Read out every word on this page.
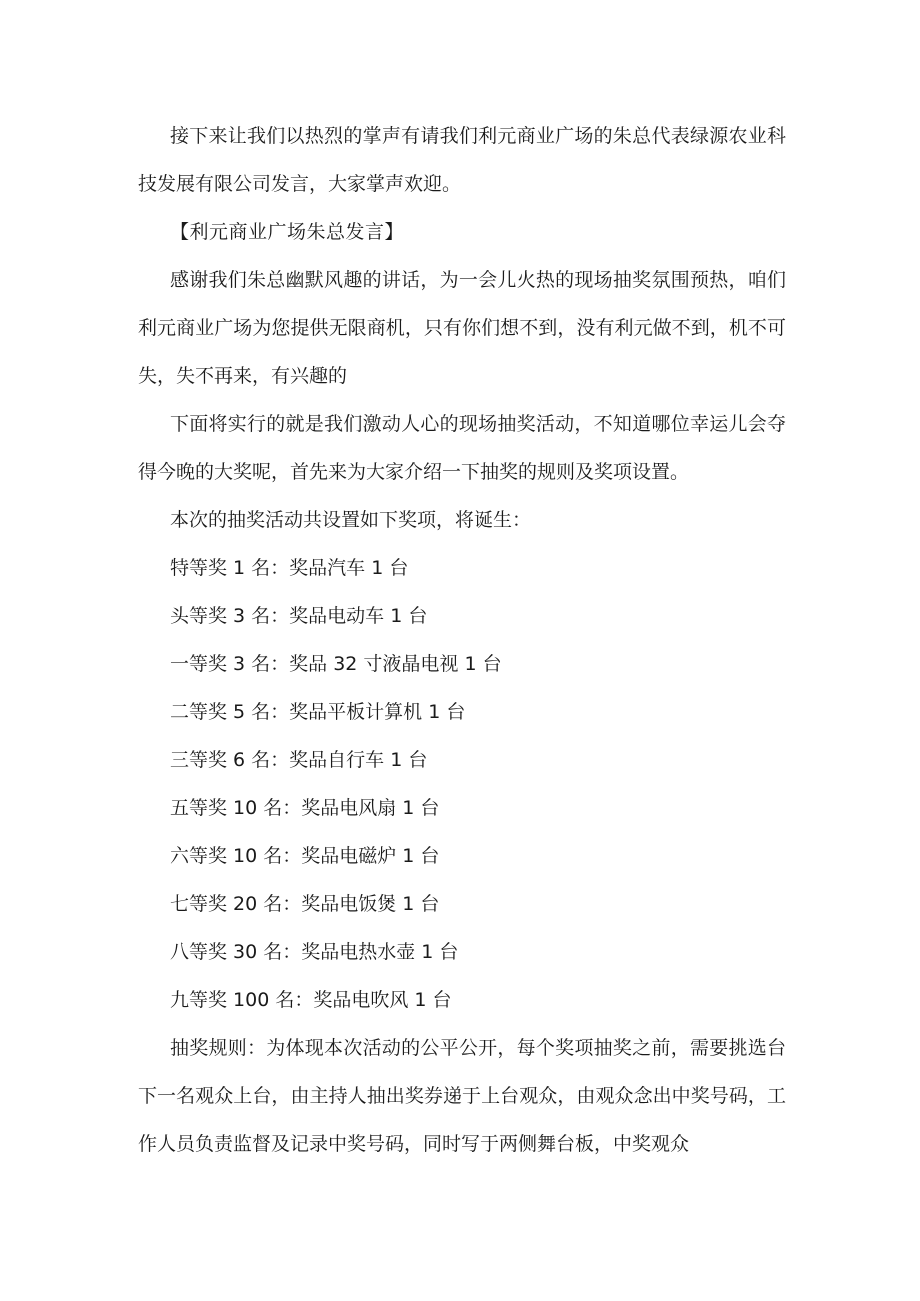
接下来让我们以热烈的掌声有请我们利元商业广场的朱总代表绿源农业科技发展有限公司发言，大家掌声欢迎。

【利元商业广场朱总发言】

感谢我们朱总幽默风趣的讲话，为一会儿火热的现场抽奖氛围预热，咱们利元商业广场为您提供无限商机，只有你们想不到，没有利元做不到，机不可失，失不再来，有兴趣的

下面将实行的就是我们激动人心的现场抽奖活动，不知道哪位幸运儿会夺得今晚的大奖呢，首先来为大家介绍一下抽奖的规则及奖项设置。

本次的抽奖活动共设置如下奖项，将诞生：

特等奖 1 名：奖品汽车 1 台

头等奖 3 名：奖品电动车 1 台

一等奖 3 名：奖品 32 寸液晶电视 1 台

二等奖 5 名：奖品平板计算机 1 台

三等奖 6 名：奖品自行车 1 台

五等奖 10 名：奖品电风扇 1 台

六等奖 10 名：奖品电磁炉 1 台

七等奖 20 名：奖品电饭煲 1 台

八等奖 30 名：奖品电热水壶 1 台

九等奖 100 名：奖品电吹风 1 台

抽奖规则：为体现本次活动的公平公开，每个奖项抽奖之前，需要挑选台下一名观众上台，由主持人抽出奖券递于上台观众，由观众念出中奖号码，工作人员负责监督及记录中奖号码，同时写于两侧舞台板，中奖观众
